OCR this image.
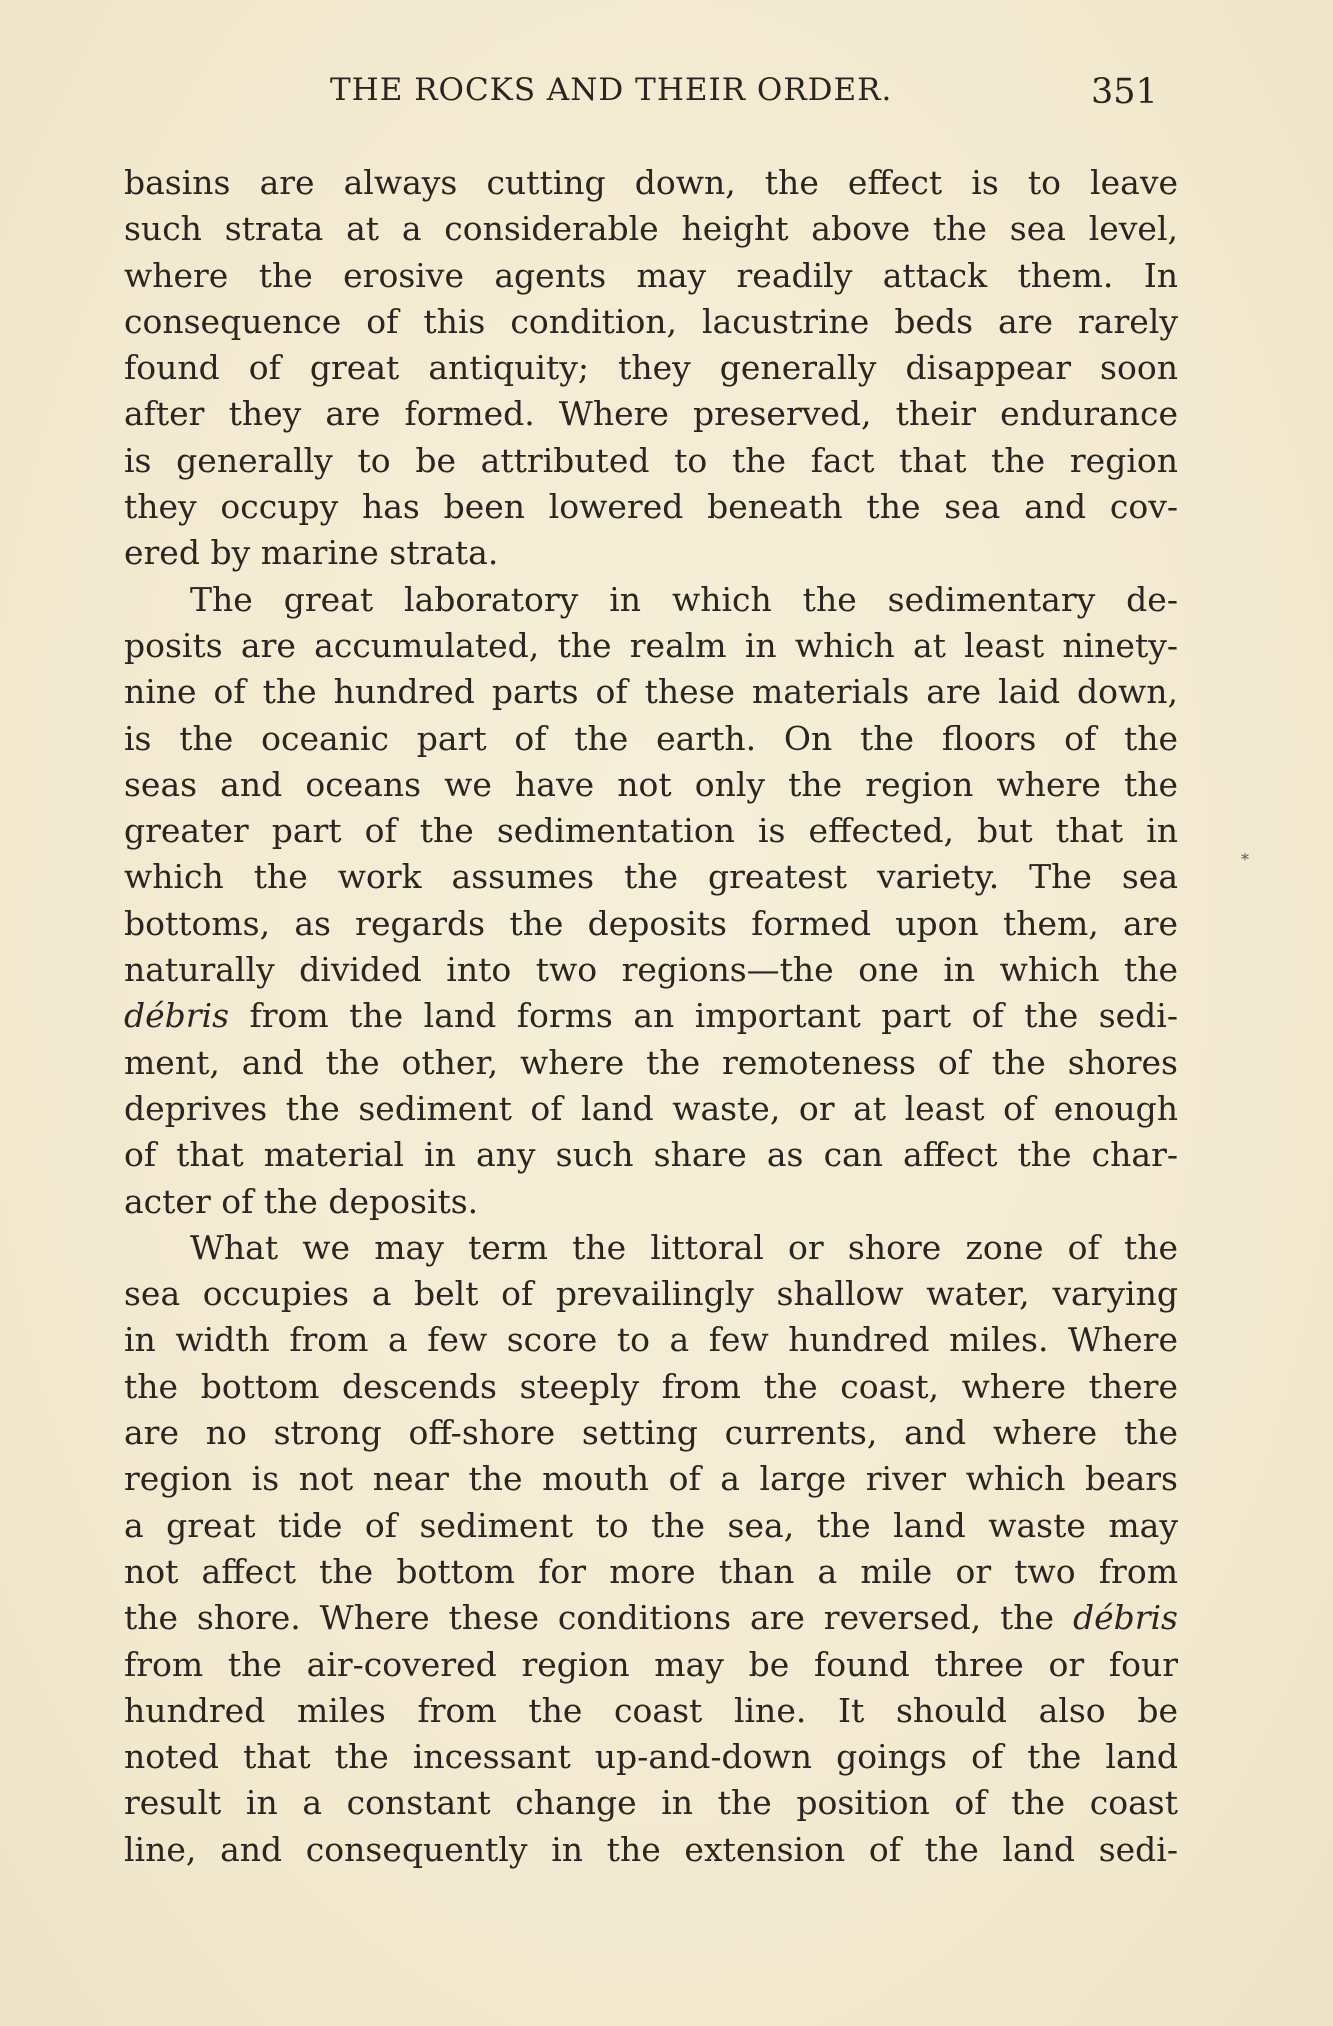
THE ROCKS AND THEIR ORDER.	351
basins are always cutting down, the effect is to leave
such strata at a considerable height above the sea level,
where the erosive agents may readily attack them. In
consequence of this condition, lacustrine beds are rarely
found of great antiquity; they generally disappear soon
after they are formed. Where preserved, their endurance
is generally to be attributed to the fact that the region
they occupy has been lowered beneath the sea and cov-
ered by marine strata.
The great laboratory in which the sedimentary de-
posits are accumulated, the realm in which at least ninety-
nine of the hundred parts of these materials are laid down,
is the oceanic part of the earth. On the floors of the
seas and oceans we have not only the region where the
greater part of the sedimentation is effected, but that in
which the work assumes the greatest variety. The sea
bottoms, as regards the deposits formed upon them, are
naturally divided into two regions—the one in which the
débris from the land forms an important part of the sedi-
ment, and the other, where the remoteness of the shores
deprives the sediment of land waste, or at least of enough
of that material in any such share as can affect the char-
acter of the deposits.
What we may term the littoral or shore zone of the
sea occupies a belt of prevailingly shallow water, varying
in width from a few score to a few hundred miles. Where
the bottom descends steeply from the coast, where there
are no strong off-shore setting currents, and where the
region is not near the mouth of a large river which bears
a great tide of sediment to the sea, the land waste may
not affect the bottom for more than a mile or two from
the shore. Where these conditions are reversed, the débris
from the air-covered region may be found three or four
hundred miles from the coast line. It should also be
noted that the incessant up-and-down goings of the land
result in a constant change in the position of the coast
line, and consequently in the extension of the land sedi-
*
